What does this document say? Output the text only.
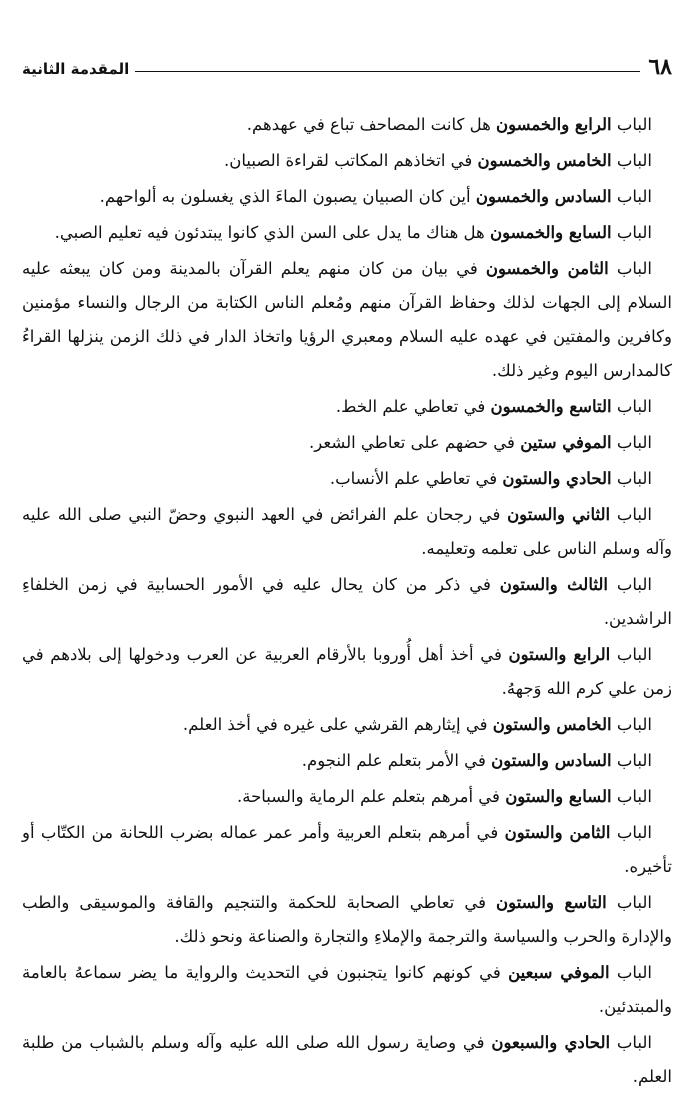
٦٨
المقدمة الثانية

الباب الرابع والخمسون هل كانت المصاحف تباع في عهدهم.

الباب الخامس والخمسون في اتخاذهم المكاتب لقراءة الصبيان.

الباب السادس والخمسون أين كان الصبيان يصبون الماءَ الذي يغسلون به ألواحهم.

الباب السابع والخمسون هل هناك ما يدل على السن الذي كانوا يبتدئون فيه تعليم الصبي.

الباب الثامن والخمسون في بيان من كان منهم يعلم القرآن بالمدينة ومن كان يبعثه عليه السلام إلى الجهات لذلك وحفاظ القرآن منهم ومُعلم الناس الكتابة من الرجال والنساء مؤمنين وكافرين والمفتين في عهده عليه السلام ومعبري الرؤيا واتخاذ الدار في ذلك الزمن ينزلها القراءُ كالمدارس اليوم وغير ذلك.

الباب التاسع والخمسون في تعاطي علم الخط.

الباب الموفي ستين في حضهم على تعاطي الشعر.

الباب الحادي والستون في تعاطي علم الأنساب.

الباب الثاني والستون في رجحان علم الفرائض في العهد النبوي وحضّ النبي صلى الله عليه وآله وسلم الناس على تعلمه وتعليمه.

الباب الثالث والستون في ذكر من كان يحال عليه في الأمور الحسابية في زمن الخلفاءِ الراشدين.

الباب الرابع والستون في أخذ أهل أُوروبا بالأرقام العربية عن العرب ودخولها إلى بلادهم في زمن علي كرم الله وَجههُ.

الباب الخامس والستون في إيثارهم القرشي على غيره في أخذ العلم.

الباب السادس والستون في الأمر بتعلم علم النجوم.

الباب السابع والستون في أمرهم بتعلم علم الرماية والسباحة.

الباب الثامن والستون في أمرهم بتعلم العربية وأمر عمر عماله بضرب اللحانة من الكتّاب أو تأخيره.

الباب التاسع والستون في تعاطي الصحابة للحكمة والتنجيم والقافة والموسيقى والطب والإدارة والحرب والسياسة والترجمة والإملاءِ والتجارة والصناعة ونحو ذلك.

الباب الموفي سبعين في كونهم كانوا يتجنبون في التحديث والرواية ما يضر سماعهُ بالعامة والمبتدئين.

الباب الحادي والسبعون في وصاية رسول الله صلى الله عليه وآله وسلم بالشباب من طلبة العلم.
